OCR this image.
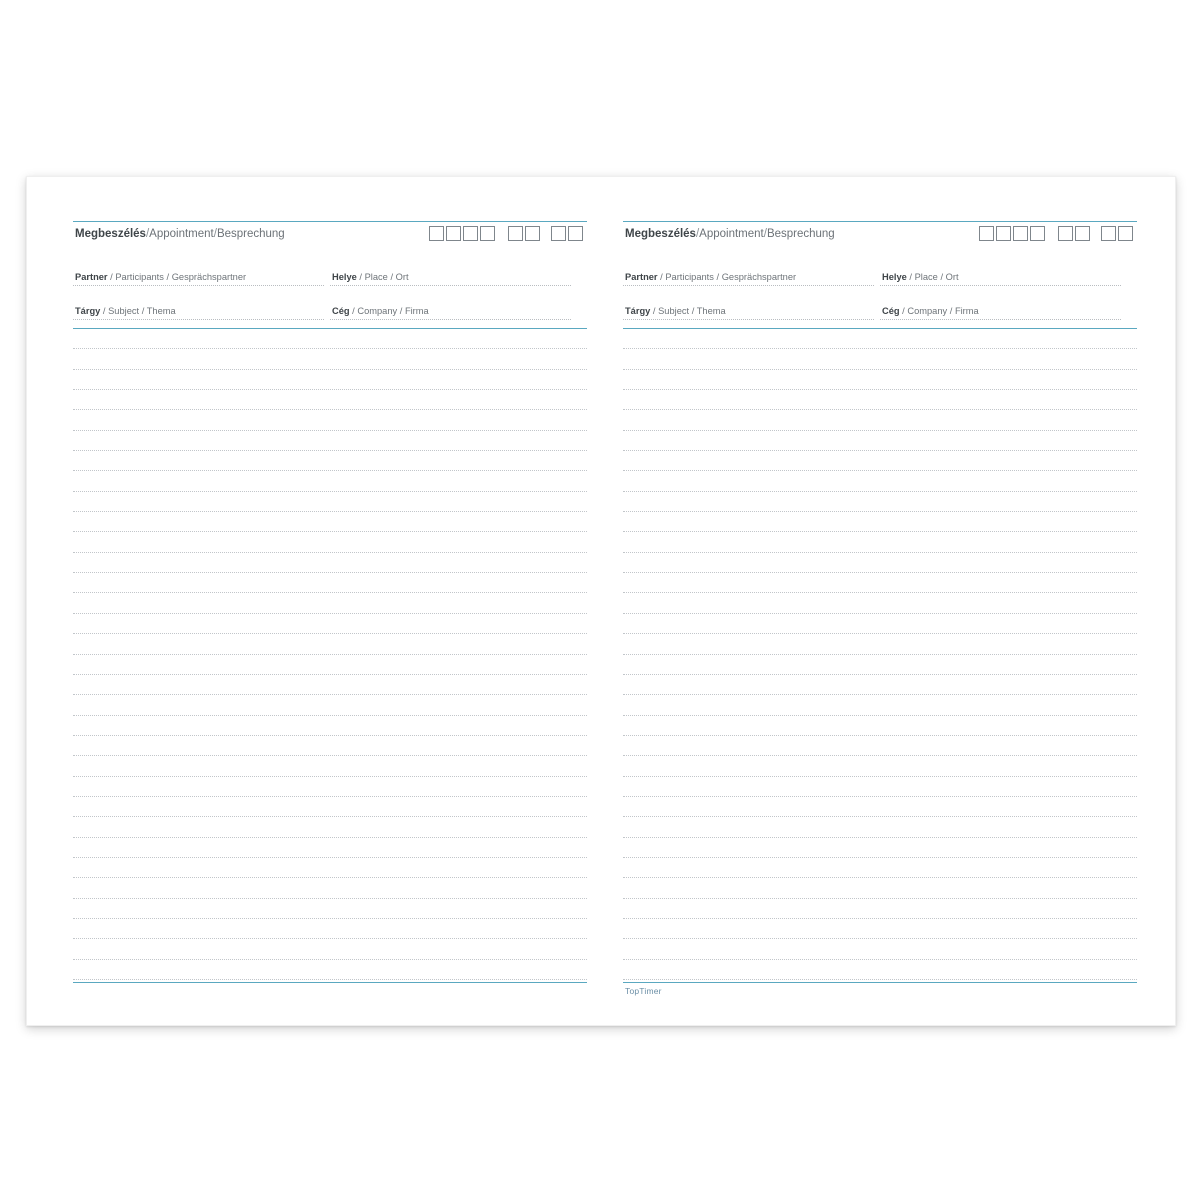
Megbeszélés/Appointment/Besprechung
Partner / Participants / Gesprächspartner	Helye / Place / Ort
Tárgy / Subject / Thema	Cég / Company / Firma
Megbeszélés/Appointment/Besprechung
Partner / Participants / Gesprächspartner	Helye / Place / Ort
Tárgy / Subject / Thema	Cég / Company / Firma
TopTimer
